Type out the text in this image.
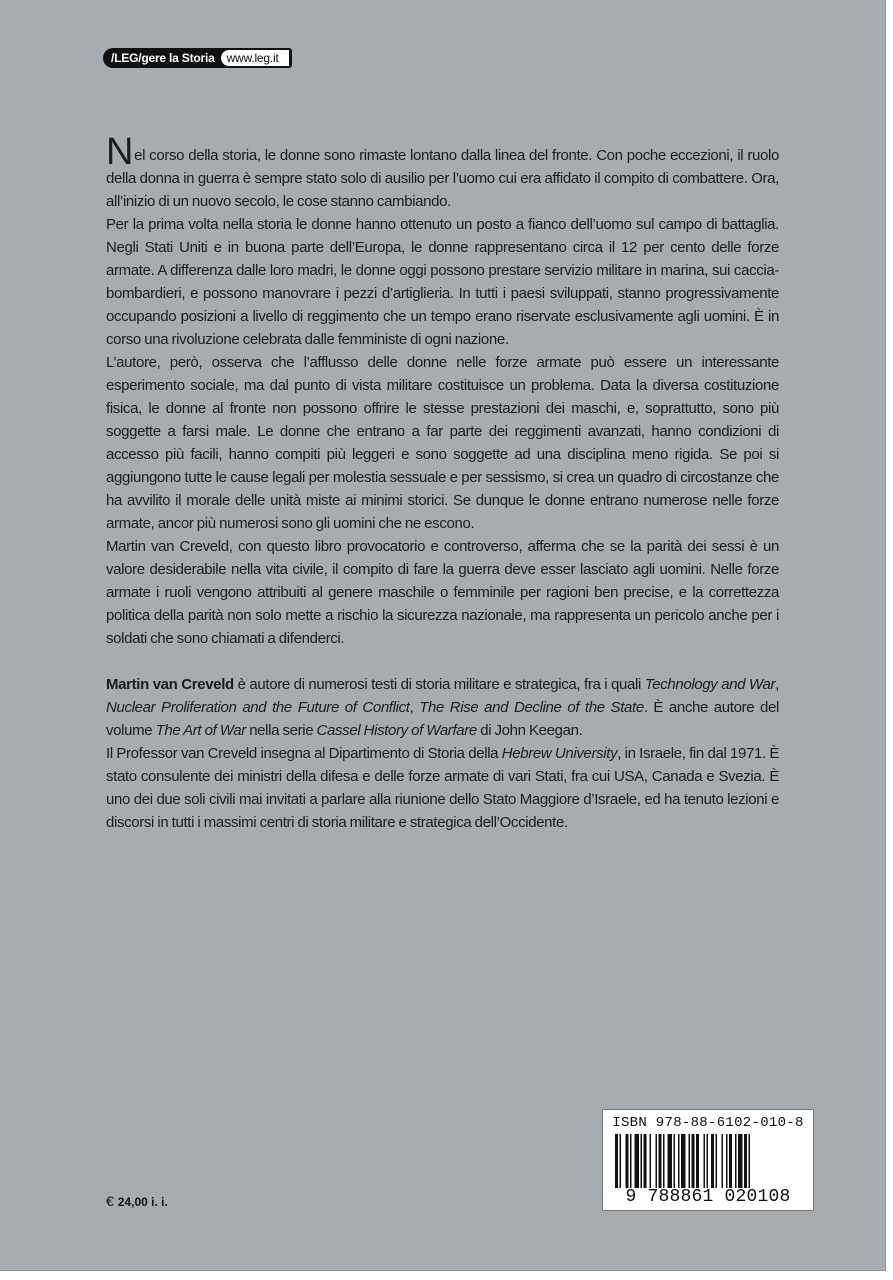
/LEG/gere la Storia	www.leg.it

Nel corso della storia, le donne sono rimaste lontano dalla linea del fronte. Con poche eccezioni, il ruolo della donna in guerra è sempre stato solo di ausilio per l’uomo cui era affidato il compito di combattere. Ora, all’inizio di un nuovo secolo, le cose stanno cambiando.

Per la prima volta nella storia le donne hanno ottenuto un posto a fianco dell’uomo sul campo di battaglia. Negli Stati Uniti e in buona parte dell’Europa, le donne rappresentano circa il 12 per cento delle forze armate. A differenza dalle loro madri, le donne oggi possono prestare servizio militare in marina, sui caccia-bombardieri, e possono manovrare i pezzi d’artiglieria. In tutti i paesi sviluppati, stanno progressivamente occupando posizioni a livello di reggimento che un tempo erano riservate esclusivamente agli uomini. È in corso una rivoluzione celebrata dalle femministe di ogni nazione.

L’autore, però, osserva che l’afflusso delle donne nelle forze armate può essere un interessante esperimento sociale, ma dal punto di vista militare costituisce un problema. Data la diversa costituzione fisica, le donne al fronte non possono offrire le stesse prestazioni dei maschi, e, soprattutto, sono più soggette a farsi male. Le donne che entrano a far parte dei reggimenti avanzati, hanno condizioni di accesso più facili, hanno compiti più leggeri e sono soggette ad una disciplina meno rigida. Se poi si aggiungono tutte le cause legali per molestia sessuale e per sessismo, si crea un quadro di circostanze che ha avvilito il morale delle unità miste ai minimi storici. Se dunque le donne entrano numerose nelle forze armate, ancor più numerosi sono gli uomini che ne escono.

Martin van Creveld, con questo libro provocatorio e controverso, afferma che se la parità dei sessi è un valore desiderabile nella vita civile, il compito di fare la guerra deve esser lasciato agli uomini. Nelle forze armate i ruoli vengono attribuiti al genere maschile o femminile per ragioni ben precise, e la correttezza politica della parità non solo mette a rischio la sicurezza nazionale, ma rappresenta un pericolo anche per i soldati che sono chiamati a difenderci.

Martin van Creveld è autore di numerosi testi di storia militare e strategica, fra i quali Technology and War, Nuclear Proliferation and the Future of Conflict, The Rise and Decline of the State. È anche autore del volume The Art of War nella serie Cassel History of Warfare di John Keegan.

Il Professor van Creveld insegna al Dipartimento di Storia della Hebrew University, in Israele, fin dal 1971. È stato consulente dei ministri della difesa e delle forze armate di vari Stati, fra cui USA, Canada e Svezia. È uno dei due soli civili mai invitati a parlare alla riunione dello Stato Maggiore d’Israele, ed ha tenuto lezioni e discorsi in tutti i massimi centri di storia militare e strategica dell’Occidente.

ISBN 978-88-6102-010-8
9 788861 020108
€ 24,00 i. i.
